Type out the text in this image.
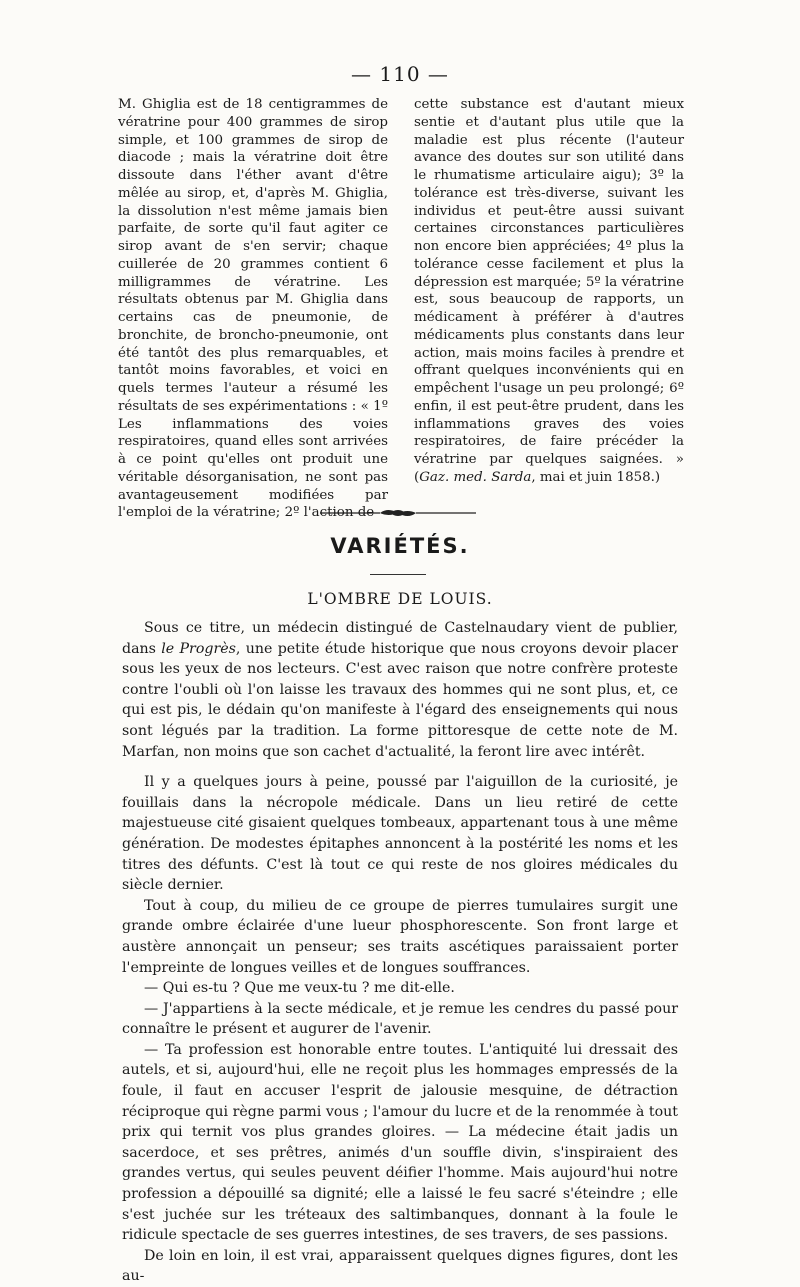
— 110 —

M. Ghiglia est de 18 centigrammes de vératrine pour 400 grammes de sirop simple, et 100 grammes de sirop de diacode ; mais la vératrine doit être dissoute dans l'éther avant d'être mêlée au sirop, et, d'après M. Ghiglia, la dissolution n'est même jamais bien parfaite, de sorte qu'il faut agiter ce sirop avant de s'en servir; chaque cuillerée de 20 grammes contient 6 milligrammes de vératrine. Les résultats obtenus par M. Ghiglia dans certains cas de pneumonie, de bronchite, de broncho-pneumonie, ont été tantôt des plus remarquables, et tantôt moins favorables, et voici en quels termes l'auteur a résumé les résultats de ses expérimentations : « 1º Les inflammations des voies respiratoires, quand elles sont arrivées à ce point qu'elles ont produit une véritable désorganisation, ne sont pas avantageusement modifiées par l'emploi de la vératrine; 2º l'action de

cette substance est d'autant mieux sentie et d'autant plus utile que la maladie est plus récente (l'auteur avance des doutes sur son utilité dans le rhumatisme articulaire aigu); 3º la tolérance est très-diverse, suivant les individus et peut-être aussi suivant certaines circonstances particulières non encore bien appréciées; 4º plus la tolérance cesse facilement et plus la dépression est marquée; 5º la vératrine est, sous beaucoup de rapports, un médicament à préférer à d'autres médicaments plus constants dans leur action, mais moins faciles à prendre et offrant quelques inconvénients qui en empêchent l'usage un peu prolongé; 6º enfin, il est peut-être prudent, dans les inflammations graves des voies respiratoires, de faire précéder la vératrine par quelques saignées. » (Gaz. med. Sarda, mai et juin 1858.)

VARIÉTÉS.
L'OMBRE DE LOUIS.

Sous ce titre, un médecin distingué de Castelnaudary vient de publier, dans le Progrès, une petite étude historique que nous croyons devoir placer sous les yeux de nos lecteurs. C'est avec raison que notre confrère proteste contre l'oubli où l'on laisse les travaux des hommes qui ne sont plus, et, ce qui est pis, le dédain qu'on manifeste à l'égard des enseignements qui nous sont légués par la tradition. La forme pittoresque de cette note de M. Marfan, non moins que son cachet d'actualité, la feront lire avec intérêt.

Il y a quelques jours à peine, poussé par l'aiguillon de la curiosité, je fouillais dans la nécropole médicale. Dans un lieu retiré de cette majestueuse cité gisaient quelques tombeaux, appartenant tous à une même génération. De modestes épitaphes annoncent à la postérité les noms et les titres des défunts. C'est là tout ce qui reste de nos gloires médicales du siècle dernier.

Tout à coup, du milieu de ce groupe de pierres tumulaires surgit une grande ombre éclairée d'une lueur phosphorescente. Son front large et austère annonçait un penseur; ses traits ascétiques paraissaient porter l'empreinte de longues veilles et de longues souffrances.

— Qui es-tu ? Que me veux-tu ? me dit-elle.

— J'appartiens à la secte médicale, et je remue les cendres du passé pour connaître le présent et augurer de l'avenir.

— Ta profession est honorable entre toutes. L'antiquité lui dressait des autels, et si, aujourd'hui, elle ne reçoit plus les hommages empressés de la foule, il faut en accuser l'esprit de jalousie mesquine, de détraction réciproque qui règne parmi vous ; l'amour du lucre et de la renommée à tout prix qui ternit vos plus grandes gloires. — La médecine était jadis un sacerdoce, et ses prêtres, animés d'un souffle divin, s'inspiraient des grandes vertus, qui seules peuvent déifier l'homme. Mais aujourd'hui notre profession a dépouillé sa dignité; elle a laissé le feu sacré s'éteindre ; elle s'est juchée sur les tréteaux des saltimbanques, donnant à la foule le ridicule spectacle de ses guerres intestines, de ses travers, de ses passions.

De loin en loin, il est vrai, apparaissent quelques dignes figures, dont les au-
